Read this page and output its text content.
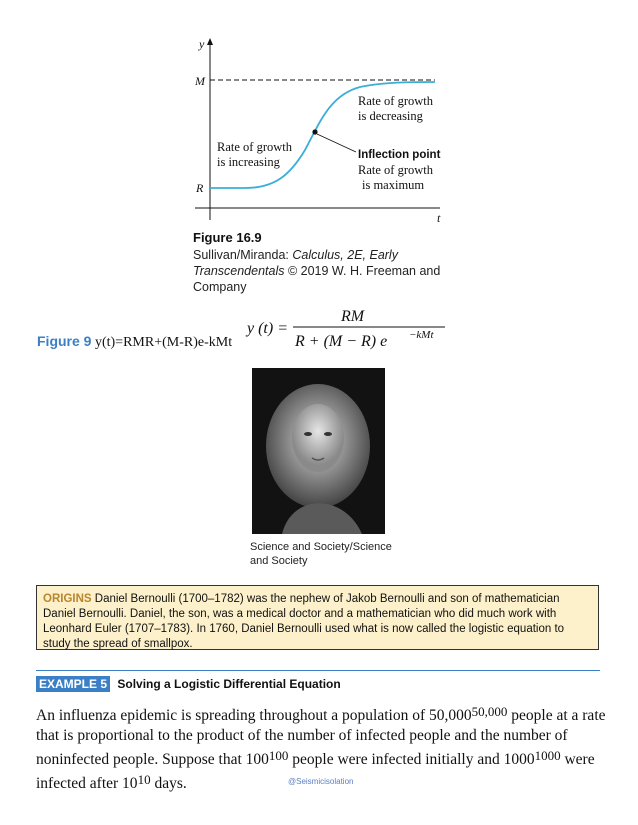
y
t
M
R
Rate of growth
is increasing
Rate of growth
is decreasing
Inflection point
Rate of growth
is maximum
Figure 16.9
Sullivan/Miranda: Calculus, 2E, Early
Transcendentals © 2019 W. H. Freeman and
Company
Figure 9 y(t)=RMR+(M-R)e-kMt
y (t) =
RM
R + (M − R) e −kMt
Science and Society/Science
and Society
ORIGINS Daniel Bernoulli (1700–1782) was the nephew of Jakob Bernoulli and son of mathematician Daniel Bernoulli. Daniel, the son, was a medical doctor and a mathematician who did much work with Leonhard Euler (1707–1783). In 1760, Daniel Bernoulli used what is now called the logistic equation to study the spread of smallpox.
EXAMPLE 5 Solving a Logistic Differential Equation
An influenza epidemic is spreading throughout a population of 50,000$^{50,000}$ people at a rate that is proportional to the product of the number of infected people and the number of noninfected people. Suppose that $100^{100}$ people were infected initially and $1000^{1000}$ were infected after $10^{10}$ days.	@Seismicisolation
